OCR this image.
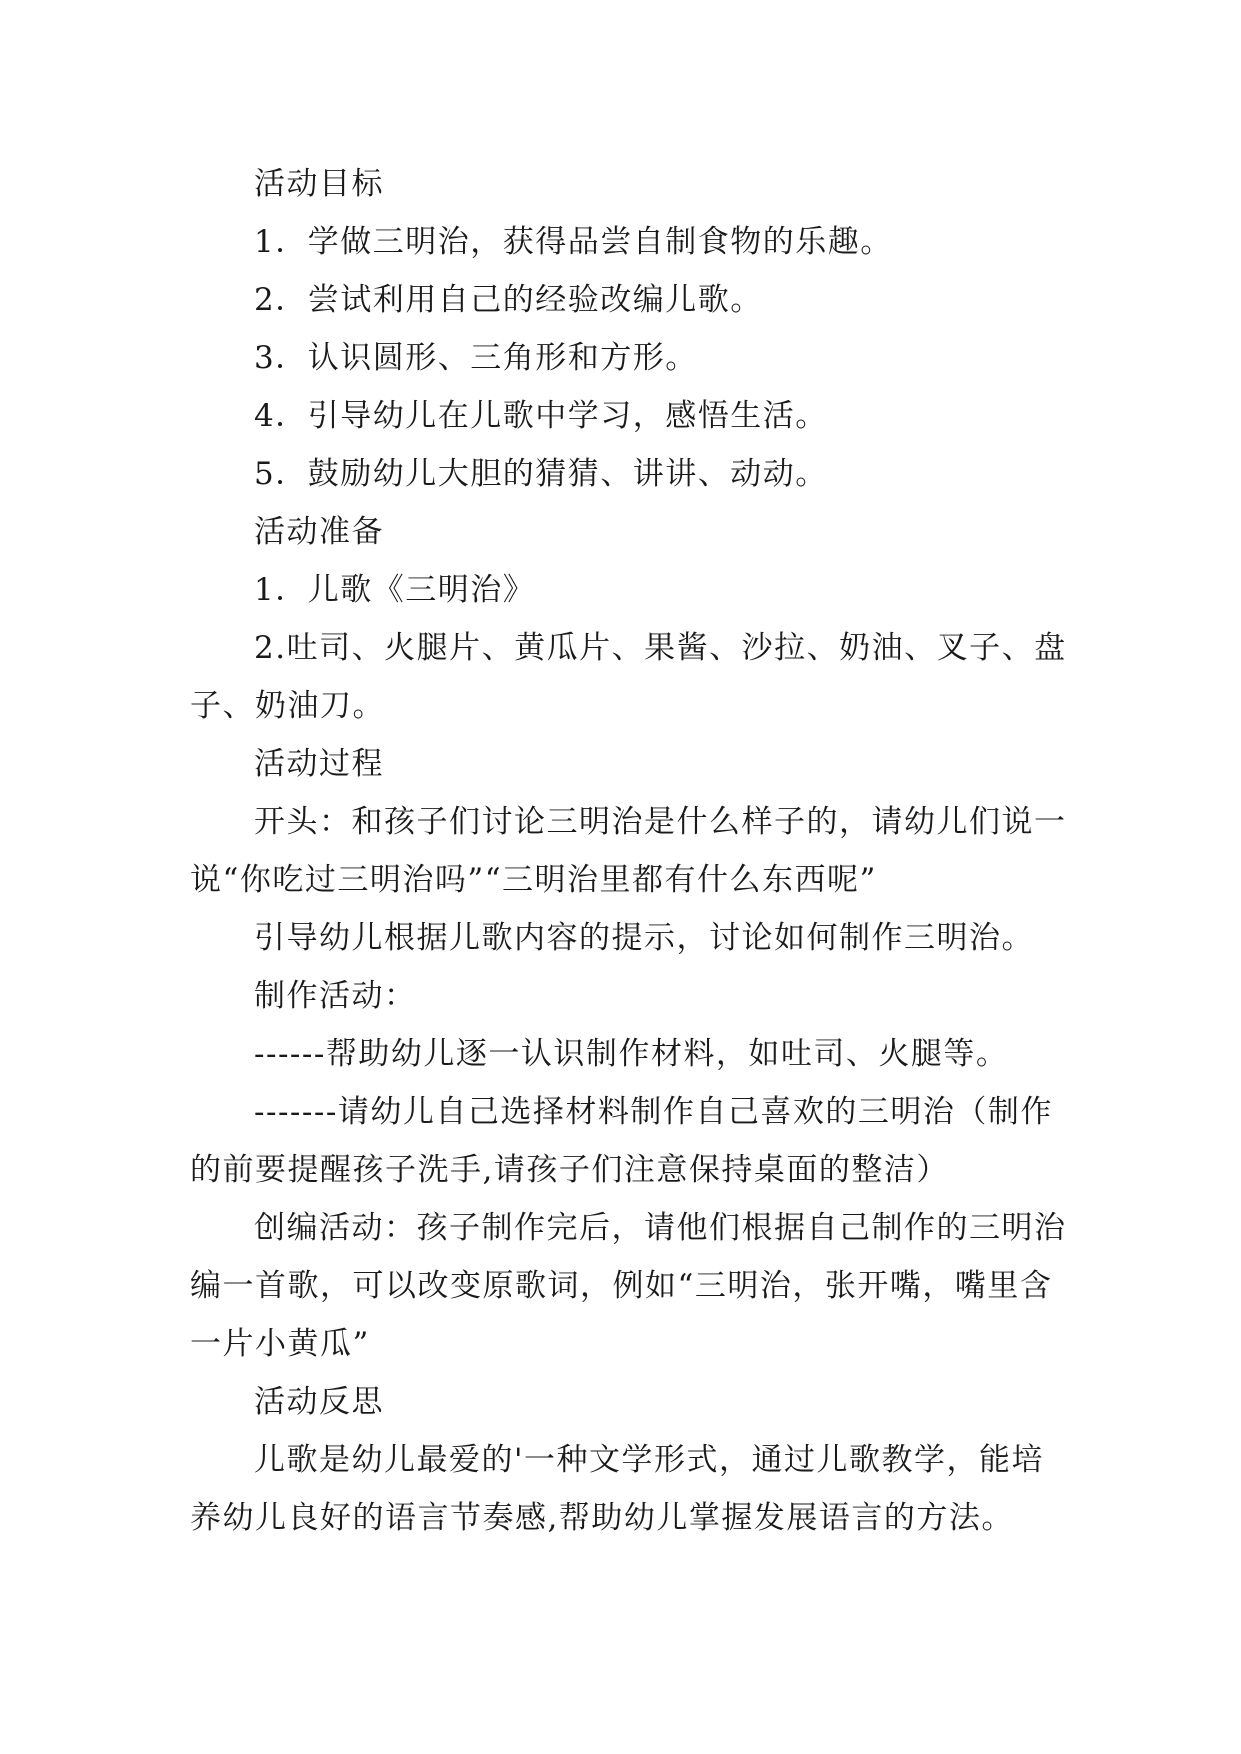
活动目标

1．学做三明治，获得品尝自制食物的乐趣。

2．尝试利用自己的经验改编儿歌。

3．认识圆形、三角形和方形。

4．引导幼儿在儿歌中学习，感悟生活。

5．鼓励幼儿大胆的猜猜、讲讲、动动。

活动准备

1．儿歌《三明治》

2.吐司、火腿片、黄瓜片、果酱、沙拉、奶油、叉子、盘子、奶油刀。

活动过程

开头：和孩子们讨论三明治是什么样子的，请幼儿们说一说“你吃过三明治吗”“三明治里都有什么东西呢”

引导幼儿根据儿歌内容的提示，讨论如何制作三明治。

制作活动：

------帮助幼儿逐一认识制作材料，如吐司、火腿等。

-------请幼儿自己选择材料制作自己喜欢的三明治（制作的前要提醒孩子洗手,请孩子们注意保持桌面的整洁）

创编活动：孩子制作完后，请他们根据自己制作的三明治编一首歌，可以改变原歌词，例如“三明治，张开嘴，嘴里含一片小黄瓜”

活动反思

儿歌是幼儿最爱的'一种文学形式，通过儿歌教学，能培养幼儿良好的语言节奏感,帮助幼儿掌握发展语言的方法。
